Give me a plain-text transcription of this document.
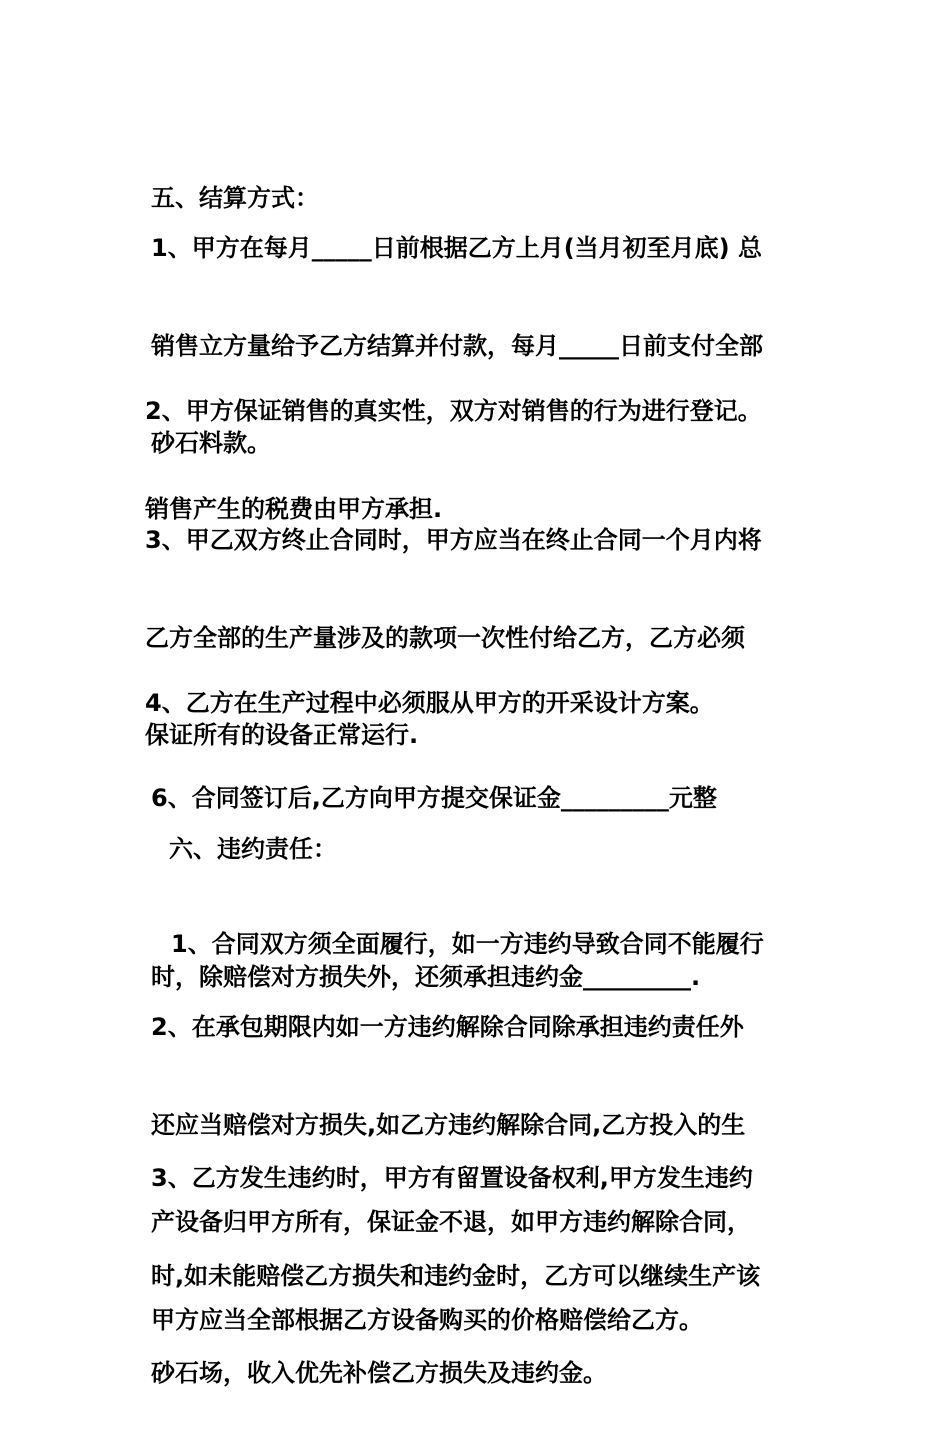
五、结算方式：

1、甲方在每月_____日前根据乙方上月(当月初至月底) 总

销售立方量给予乙方结算并付款，每月_____日前支付全部

砂石料款。

2、甲方保证销售的真实性，双方对销售的行为进行登记。

销售产生的税费由甲方承担.

3、甲乙双方终止合同时，甲方应当在终止合同一个月内将

乙方全部的生产量涉及的款项一次性付给乙方，乙方必须

保证所有的设备正常运行.

4、乙方在生产过程中必须服从甲方的开采设计方案。

6、合同签订后,乙方向甲方提交保证金_________元整

六、违约责任：

1、合同双方须全面履行，如一方违约导致合同不能履行

时，除赔偿对方损失外，还须承担违约金_________.

2、在承包期限内如一方违约解除合同除承担违约责任外

还应当赔偿对方损失,如乙方违约解除合同,乙方投入的生

产设备归甲方所有，保证金不退，如甲方违约解除合同，

甲方应当全部根据乙方设备购买的价格赔偿给乙方。

3、乙方发生违约时，甲方有留置设备权利,甲方发生违约

时,如未能赔偿乙方损失和违约金时，乙方可以继续生产该

砂石场，收入优先补偿乙方损失及违约金。
